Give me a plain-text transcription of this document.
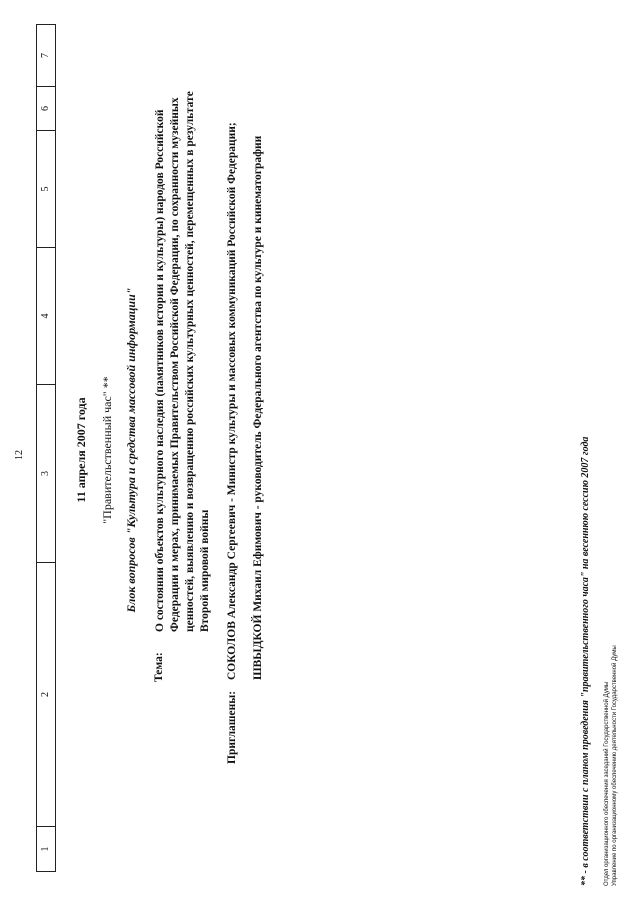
12
1
2
3
4
5
6
7
11 апреля 2007 года "Правительственный час" ** Блок вопросов "Культура и средства массовой информации"
Тема:
О состоянии объектов культурного наследия (памятников истории и культуры) народов Российской Федерации и мерах, принимаемых Правительством Российской Федерации, по сохранности музейных ценностей, выявлению и возвращению российских культурных ценностей, перемещенных в результате Второй мировой войны
Приглашены:
СОКОЛОВ Александр Сергеевич - Министр культуры и массовых коммуникаций Российской Федерации; ШВЫДКОЙ Михаил Ефимович - руководитель Федерального агентства по культуре и кинематографии	** - в соответствии с планом проведения "правительственного часа" на весеннюю сессию 2007 года Отдел организационного обеспечения заседаний Государственной Думы Управление по организационному обеспечению деятельности Государственной Думы
